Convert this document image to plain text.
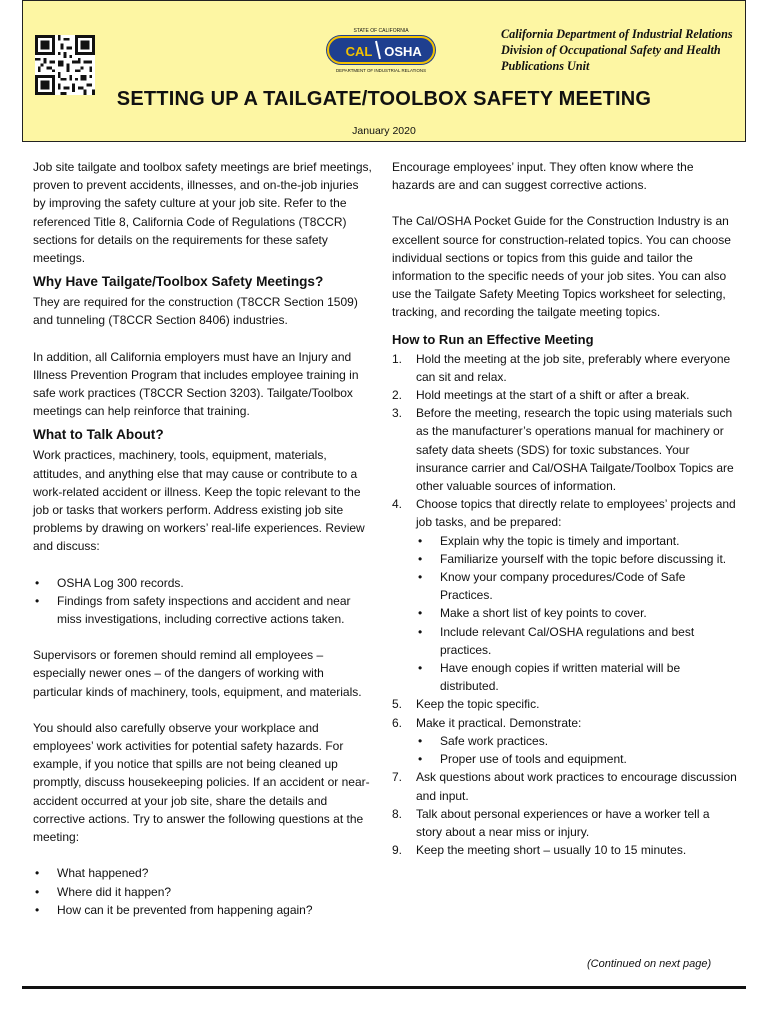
STATE OF CALIFORNIA
CAL OSHA
DEPARTMENT OF INDUSTRIAL RELATIONS
California Department of Industrial Relations
Division of Occupational Safety and Health
Publications Unit
SETTING UP A TAILGATE/TOOLBOX SAFETY MEETING
January 2020

Job site tailgate and toolbox safety meetings are brief meetings, proven to prevent accidents, illnesses, and on-the-job injuries by improving the safety culture at your job site. Refer to the referenced Title 8, California Code of Regulations (T8CCR) sections for details on the requirements for these safety meetings.

Why Have Tailgate/Toolbox Safety Meetings?

They are required for the construction (T8CCR Section 1509) and tunneling (T8CCR Section 8406) industries.

In addition, all California employers must have an Injury and Illness Prevention Program that includes employee training in safe work practices (T8CCR Section 3203). Tailgate/Toolbox meetings can help reinforce that training.

What to Talk About?

Work practices, machinery, tools, equipment, materials, attitudes, and anything else that may cause or contribute to a work-related accident or illness. Keep the topic relevant to the job or tasks that workers perform. Address existing job site problems by drawing on workers’ real-life experiences. Review and discuss:

• OSHA Log 300 records.
• Findings from safety inspections and accident and near miss investigations, including corrective actions taken.

Supervisors or foremen should remind all employees – especially newer ones – of the dangers of working with particular kinds of machinery, tools, equipment, and materials.

You should also carefully observe your workplace and employees’ work activities for potential safety hazards. For example, if you notice that spills are not being cleaned up promptly, discuss housekeeping policies. If an accident or near-accident occurred at your job site, share the details and corrective actions. Try to answer the following questions at the meeting:

• What happened?
• Where did it happen?
• How can it be prevented from happening again?

Encourage employees’ input. They often know where the hazards are and can suggest corrective actions.

The Cal/OSHA Pocket Guide for the Construction Industry is an excellent source for construction-related topics. You can choose individual sections or topics from this guide and tailor the information to the specific needs of your job sites. You can also use the Tailgate Safety Meeting Topics worksheet for selecting, tracking, and recording the tailgate meeting topics.

How to Run an Effective Meeting
1. Hold the meeting at the job site, preferably where everyone can sit and relax.
2. Hold meetings at the start of a shift or after a break.
3. Before the meeting, research the topic using materials such as the manufacturer’s operations manual for machinery or safety data sheets (SDS) for toxic substances. Your insurance carrier and Cal/OSHA Tailgate/Toolbox Topics are other valuable sources of information.
4. Choose topics that directly relate to employees’ projects and job tasks, and be prepared:
• Explain why the topic is timely and important.
• Familiarize yourself with the topic before discussing it.
• Know your company procedures/Code of Safe Practices.
• Make a short list of key points to cover.
• Include relevant Cal/OSHA regulations and best practices.
• Have enough copies if written material will be distributed.
5. Keep the topic specific.
6. Make it practical. Demonstrate:
• Safe work practices.
• Proper use of tools and equipment.
7. Ask questions about work practices to encourage discussion and input.
8. Talk about personal experiences or have a worker tell a story about a near miss or injury.
9. Keep the meeting short – usually 10 to 15 minutes.
(Continued on next page)
